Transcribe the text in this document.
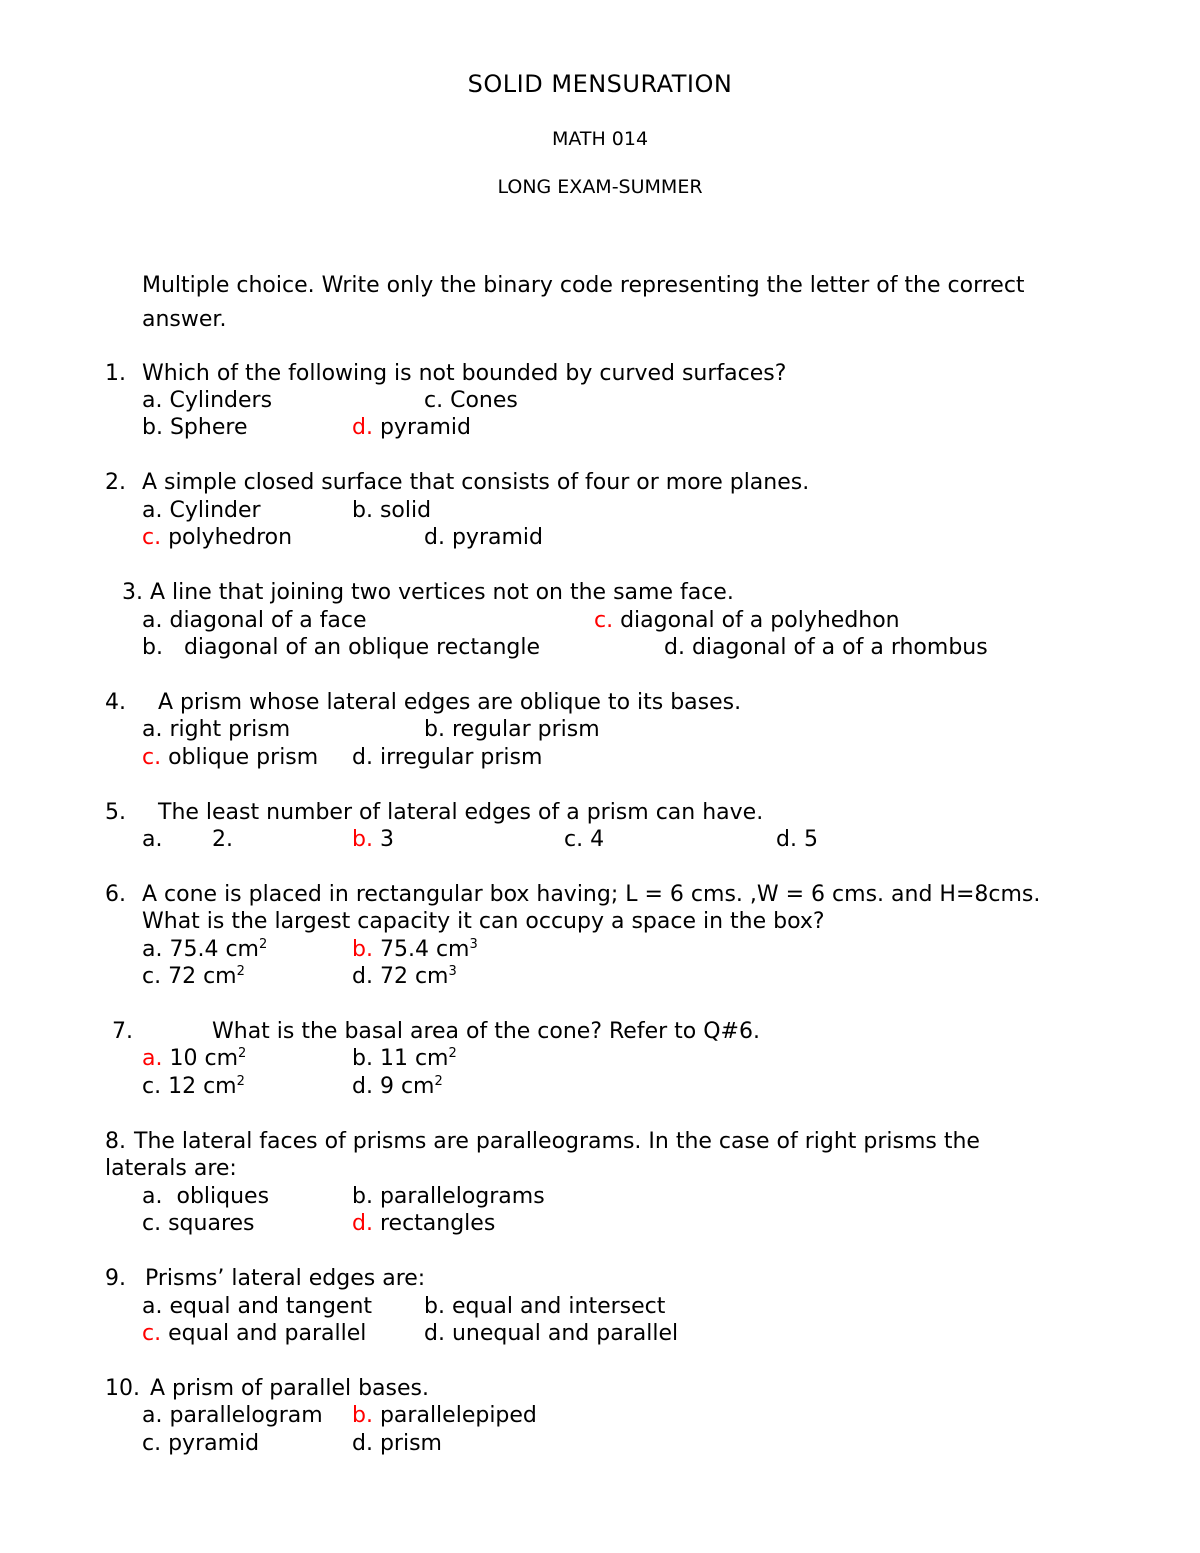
SOLID MENSURATION
MATH 014
LONG EXAM-SUMMER
Multiple choice. Write only the binary code representing the letter of the correct
answer.
1. Which of the following is not bounded by curved surfaces?
a. Cylinders	c. Cones
b. Sphere	d. pyramid
2. A simple closed surface that consists of four or more planes.
a. Cylinder	b. solid
c. polyhedron	d. pyramid
3. A line that joining two vertices not on the same face.
a. diagonal of a face	c. diagonal of a polyhedhon
b. diagonal of an oblique rectangle	d. diagonal of a of a rhombus
4. A prism whose lateral edges are oblique to its bases.
a. right prism	b. regular prism
c. oblique prism d. irregular prism
5. The least number of lateral edges of a prism can have.
a. 2.	b. 3	c. 4	d. 5
6. A cone is placed in rectangular box having; L = 6 cms. ,W = 6 cms. and H=8cms.
What is the largest capacity it can occupy a space in the box?
a. 75.4 $cm^2$	b. 75.4 $cm^3$
c. 72 $cm^2$	d. 72 $cm^3$
7.	What is the basal area of the cone? Refer to Q#6.
a. 10 $cm^2$	b. 11 $cm^2$
c. 12 $cm^2$	d. 9 $cm^2$
8. The lateral faces of prisms are paralleograms. In the case of right prisms the
laterals are:
a. obliques	b. parallelograms
c. squares	d. rectangles
9. Prisms’ lateral edges are:
a. equal and tangent b. equal and intersect
c. equal and parallel	d. unequal and parallel
10. A prism of parallel bases.
a. parallelogram b. parallelepiped
c. pyramid	d. prism
